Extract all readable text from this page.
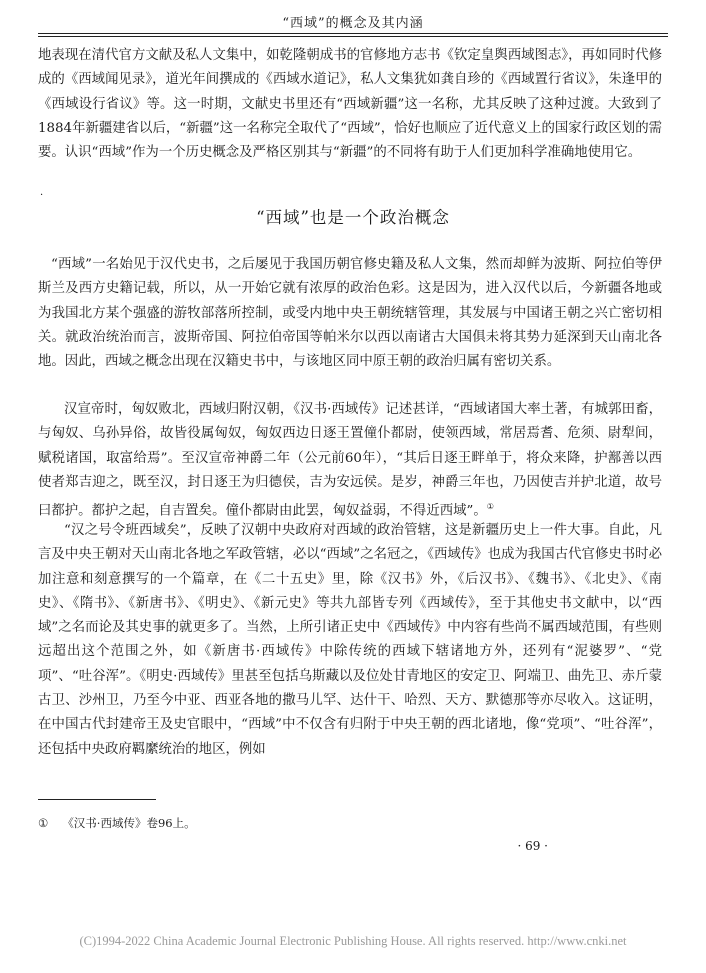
“西域”的概念及其内涵

地表现在清代官方文献及私人文集中，如乾隆朝成书的官修地方志书《钦定皇舆西域图志》，再如同时代修成的《西域闻见录》，道光年间撰成的《西域水道记》，私人文集犹如龚自珍的《西域置行省议》，朱逢甲的《西域设行省议》等。这一时期，文献史书里还有“西域新疆”这一名称，尤其反映了这种过渡。大致到了1884年新疆建省以后，“新疆”这一名称完全取代了“西域”，恰好也顺应了近代意义上的国家行政区划的需要。认识“西域”作为一个历史概念及严格区别其与“新疆”的不同将有助于人们更加科学准确地使用它。

·
“西域”也是一个政治概念

“西域”一名始见于汉代史书，之后屡见于我国历朝官修史籍及私人文集，然而却鲜为波斯、阿拉伯等伊斯兰及西方史籍记载，所以，从一开始它就有浓厚的政治色彩。这是因为，进入汉代以后，今新疆各地或为我国北方某个强盛的游牧部落所控制，或受内地中央王朝统辖管理，其发展与中国诸王朝之兴亡密切相关。就政治统治而言，波斯帝国、阿拉伯帝国等帕米尔以西以南诸古大国俱未将其势力延深到天山南北各地。因此，西域之概念出现在汉籍史书中，与该地区同中原王朝的政治归属有密切关系。

汉宣帝时，匈奴败北，西域归附汉朝，《汉书·西域传》记述甚详，“西域诸国大率土著，有城郭田畜，与匈奴、乌孙异俗，故皆役属匈奴，匈奴西边日逐王置僮仆都尉，使领西域，常居焉耆、危须、尉犁间，赋税诸国，取富给焉”。至汉宣帝神爵二年（公元前60年），“其后日逐王畔单于，将众来降，护鄯善以西使者郑吉迎之，既至汉，封日逐王为归德侯，吉为安远侯。是岁，神爵三年也，乃因使吉并护北道，故号曰都护。都护之起，自吉置矣。僮仆都尉由此罢，匈奴益弱，不得近西域”。①

“汉之号令班西域矣”，反映了汉朝中央政府对西域的政治管辖，这是新疆历史上一件大事。自此，凡言及中央王朝对天山南北各地之军政管辖，必以“西域”之名冠之，《西域传》也成为我国古代官修史书时必加注意和刻意撰写的一个篇章，在《二十五史》里，除《汉书》外，《后汉书》、《魏书》、《北史》、《南史》、《隋书》、《新唐书》、《明史》、《新元史》等共九部皆专列《西域传》，至于其他史书文献中，以“西域”之名而论及其史事的就更多了。当然，上所引诸正史中《西域传》中内容有些尚不属西域范围，有些则远超出这个范围之外，如《新唐书·西域传》中除传统的西域下辖诸地方外，还列有“泥婆罗”、“党项”、“吐谷浑”。《明史·西域传》里甚至包括乌斯藏以及位处甘青地区的安定卫、阿端卫、曲先卫、赤斤蒙古卫、沙州卫，乃至今中亚、西亚各地的撒马儿罕、达什干、哈烈、天方、默德那等亦尽收入。这证明，在中国古代封建帝王及史官眼中，“西域”中不仅含有归附于中央王朝的西北诸地，像“党项”、“吐谷浑”，还包括中央政府羁縻统治的地区，例如

① 《汉书·西域传》卷96上。
· 69 ·
(C)1994-2022 China Academic Journal Electronic Publishing House. All rights reserved. http://www.cnki.net
